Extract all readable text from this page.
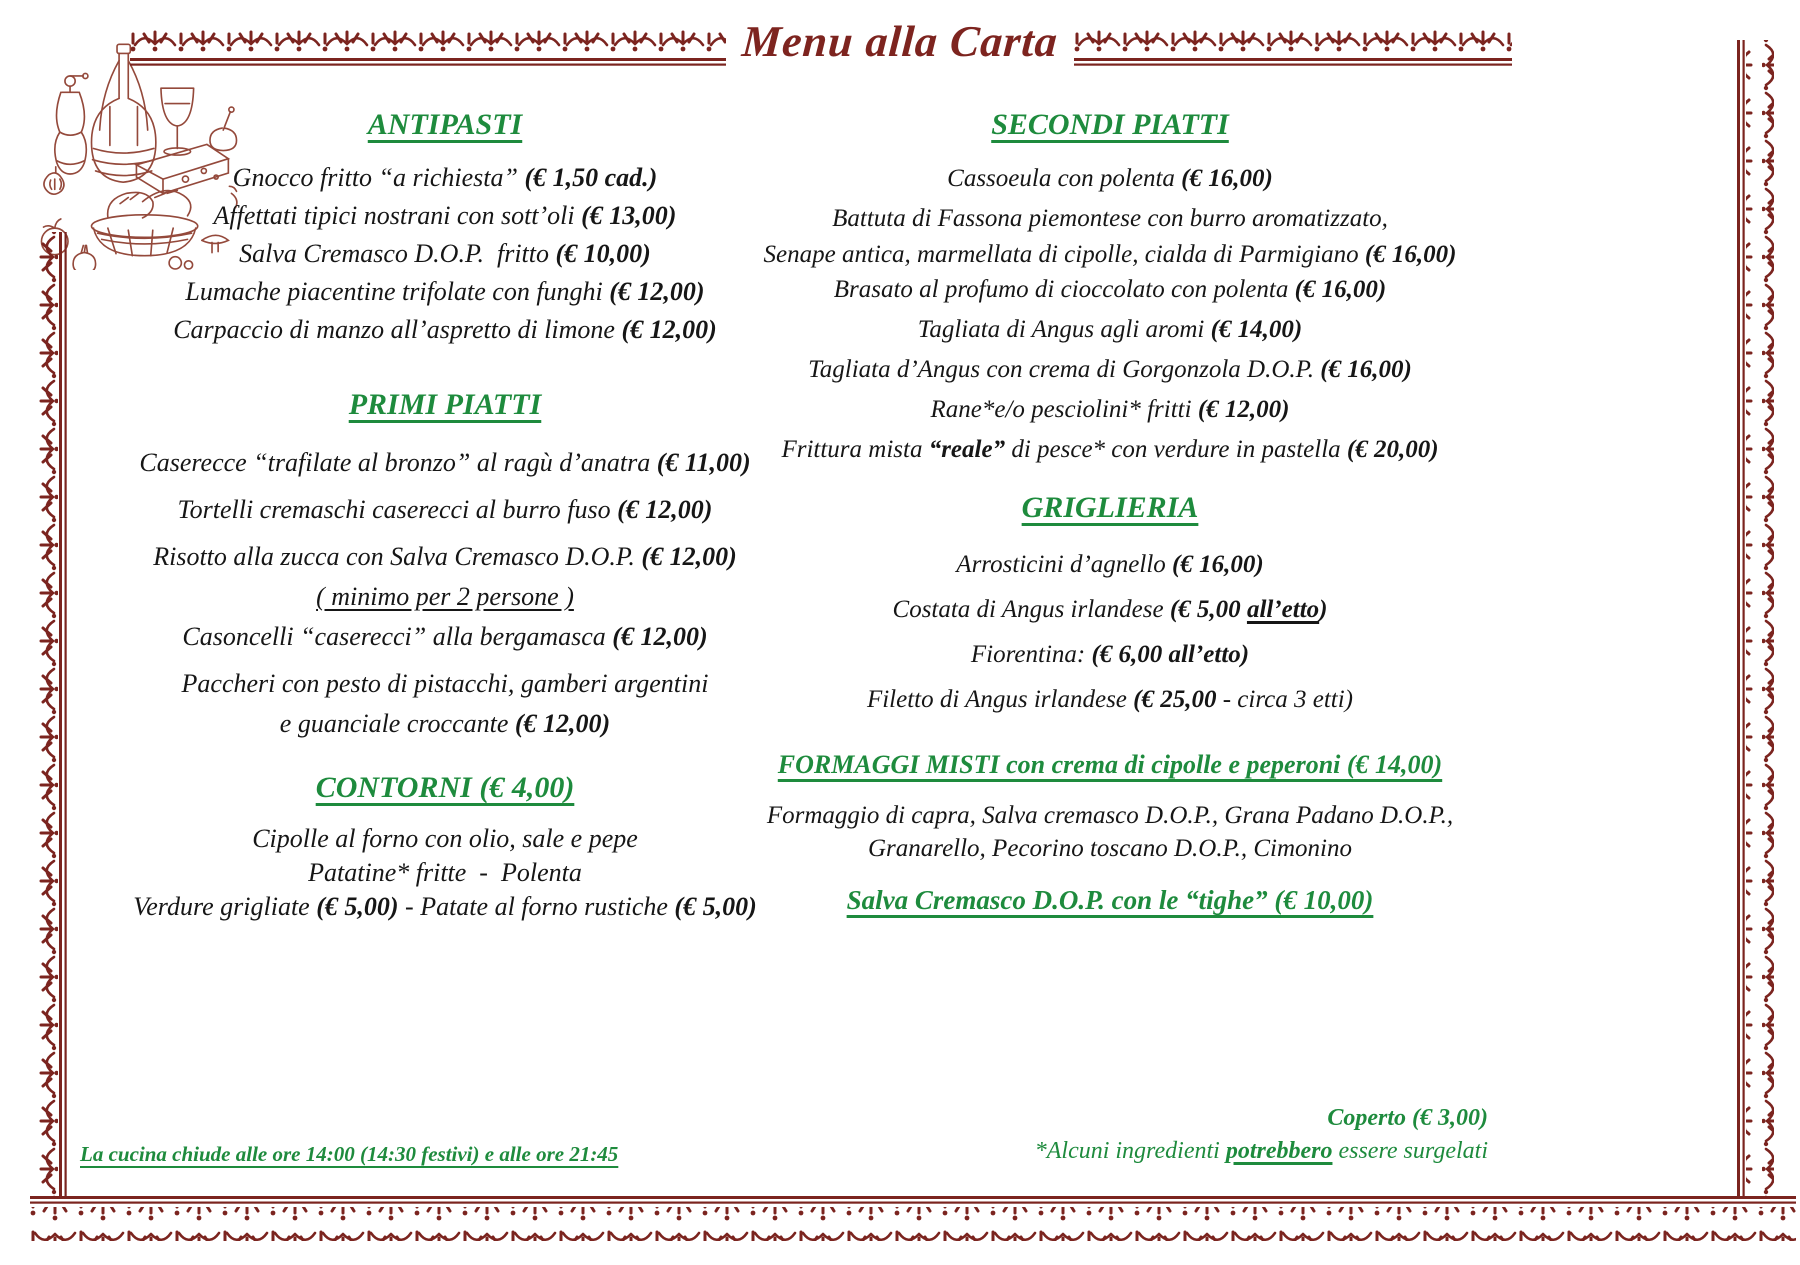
Menu alla Carta
ANTIPASTI
Gnocco fritto “a richiesta” (€ 1,50 cad.)
Affettati tipici nostrani con sott’oli (€ 13,00)
Salva Cremasco D.O.P.  fritto (€ 10,00)
Lumache piacentine trifolate con funghi (€ 12,00)
Carpaccio di manzo all’aspretto di limone (€ 12,00)
PRIMI PIATTI
Caserecce “trafilate al bronzo” al ragù d’anatra (€ 11,00)
Tortelli cremaschi caserecci al burro fuso (€ 12,00)
Risotto alla zucca con Salva Cremasco D.O.P. (€ 12,00)
( minimo per 2 persone )
Casoncelli “caserecci” alla bergamasca (€ 12,00)
Paccheri con pesto di pistacchi, gamberi argentini
e guanciale croccante (€ 12,00)
CONTORNI (€ 4,00)
Cipolle al forno con olio, sale e pepe
Patatine* fritte  -  Polenta
Verdure grigliate (€ 5,00) - Patate al forno rustiche (€ 5,00)
SECONDI PIATTI
Cassoeula con polenta (€ 16,00)
Battuta di Fassona piemontese con burro aromatizzato,
Senape antica, marmellata di cipolle, cialda di Parmigiano (€ 16,00)
Brasato al profumo di cioccolato con polenta (€ 16,00)
Tagliata di Angus agli aromi (€ 14,00)
Tagliata d’Angus con crema di Gorgonzola D.O.P. (€ 16,00)
Rane*e/o pesciolini* fritti (€ 12,00)
Frittura mista “reale” di pesce* con verdure in pastella (€ 20,00)
GRIGLIERIA
Arrosticini d’agnello (€ 16,00)
Costata di Angus irlandese (€ 5,00 all’etto)
Fiorentina: (€ 6,00 all’etto)
Filetto di Angus irlandese (€ 25,00 - circa 3 etti)
FORMAGGI MISTI con crema di cipolle e peperoni (€ 14,00)
Formaggio di capra, Salva cremasco D.O.P., Grana Padano D.O.P.,
Granarello, Pecorino toscano D.O.P., Cimonino
Salva Cremasco D.O.P. con le “tighe” (€ 10,00)
La cucina chiude alle ore 14:00 (14:30 festivi) e alle ore 21:45
Coperto (€ 3,00)
*Alcuni ingredienti potrebbero essere surgelati
